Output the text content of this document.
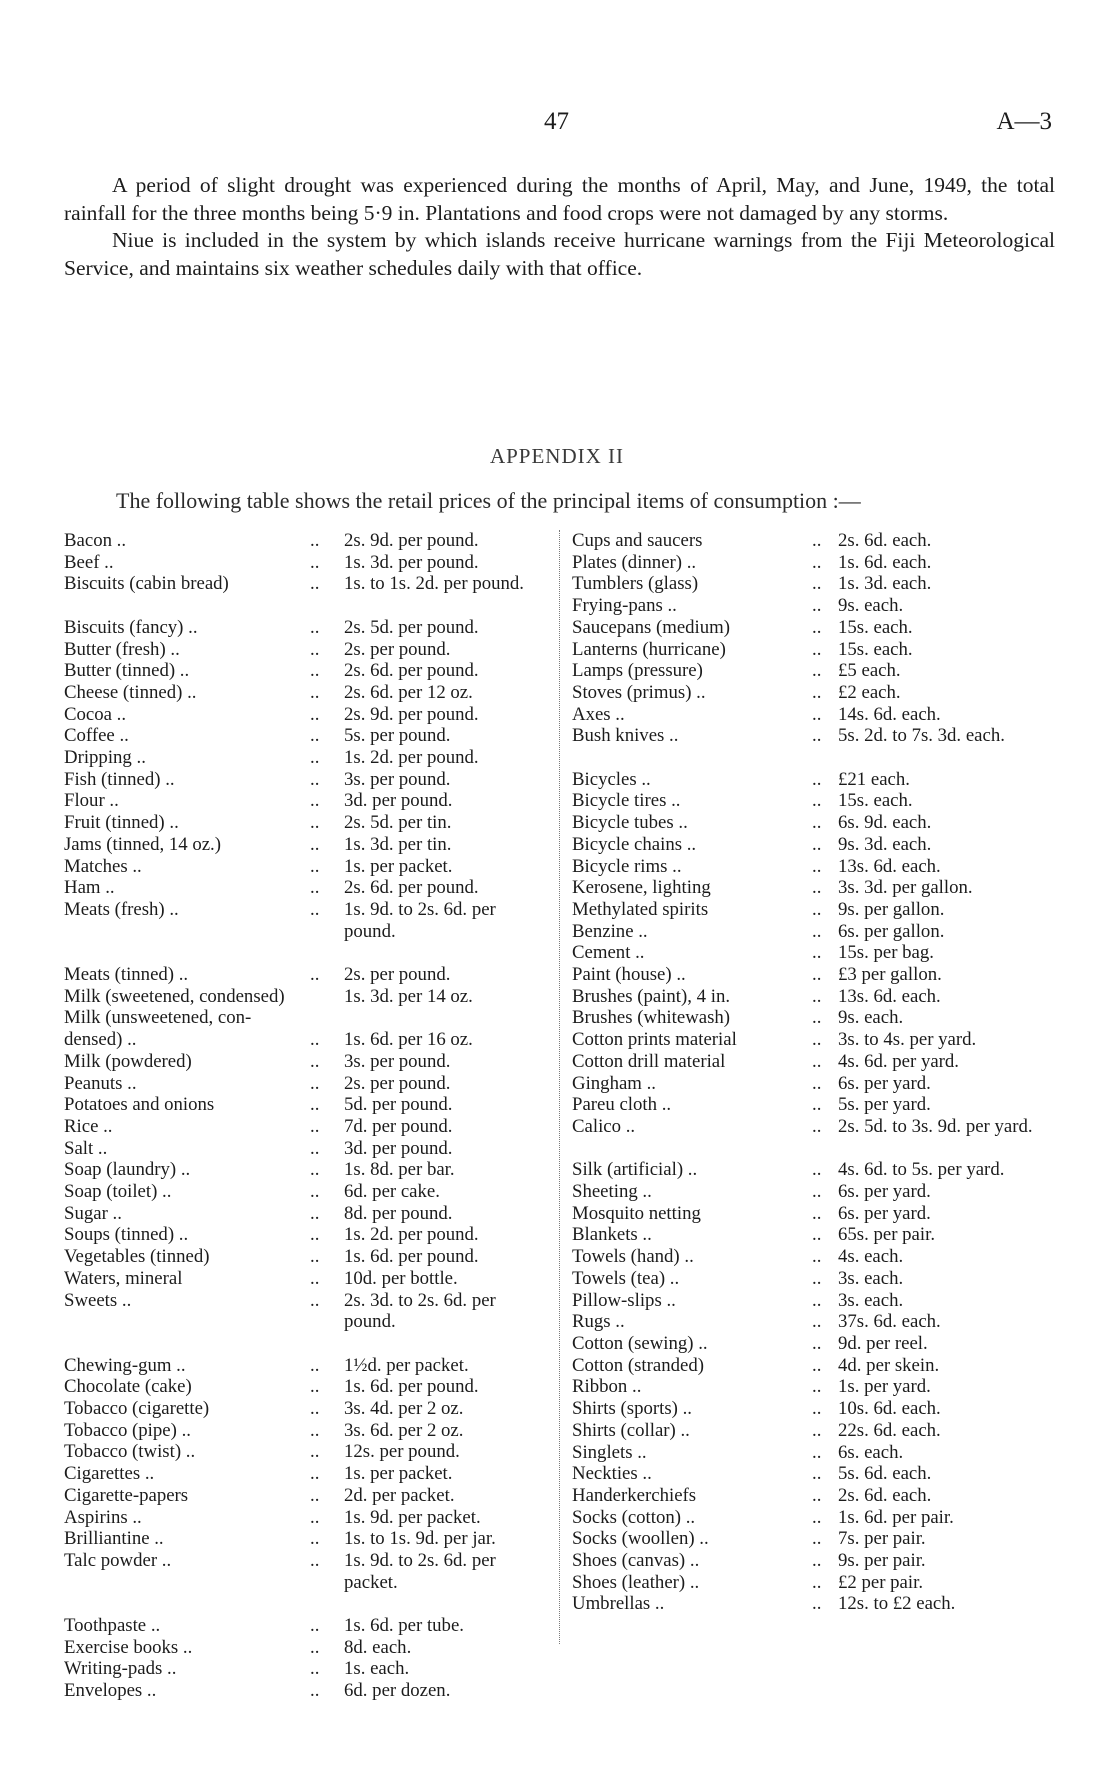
47	A—3

A period of slight drought was experienced during the months of April, May, and June, 1949, the total rainfall for the three months being 5·9 in. Plantations and food crops were not damaged by any storms.

Niue is included in the system by which islands receive hurricane warnings from the Fiji Meteorological Service, and maintains six weather schedules daily with that office.

APPENDIX II
The following table shows the retail prices of the principal items of consumption :—
Bacon ..	..	2s. 9d. per pound.
Beef ..	..	1s. 3d. per pound.
Biscuits (cabin bread)	..	1s. to 1s. 2d. per pound.
Biscuits (fancy) ..	..	2s. 5d. per pound.
Butter (fresh) ..	..	2s. per pound.
Butter (tinned) ..	..	2s. 6d. per pound.
Cheese (tinned) ..	..	2s. 6d. per 12 oz.
Cocoa ..	..	2s. 9d. per pound.
Coffee ..	..	5s. per pound.
Dripping ..	..	1s. 2d. per pound.
Fish (tinned) ..	..	3s. per pound.
Flour ..	..	3d. per pound.
Fruit (tinned) ..	..	2s. 5d. per tin.
Jams (tinned, 14 oz.)	..	1s. 3d. per tin.
Matches ..	..	1s. per packet.
Ham ..	..	2s. 6d. per pound.
Meats (fresh) ..	..	1s. 9d. to 2s. 6d. per pound.
Meats (tinned) ..	..	2s. per pound.
Milk (sweetened, condensed)	1s. 3d. per 14 oz.
Milk (unsweetened, con-
densed) ..	..	1s. 6d. per 16 oz.
Milk (powdered)	..	3s. per pound.
Peanuts ..	..	2s. per pound.
Potatoes and onions	..	5d. per pound.
Rice ..	..	7d. per pound.
Salt ..	..	3d. per pound.
Soap (laundry) ..	..	1s. 8d. per bar.
Soap (toilet) ..	..	6d. per cake.
Sugar ..	..	8d. per pound.
Soups (tinned) ..	..	1s. 2d. per pound.
Vegetables (tinned)	..	1s. 6d. per pound.
Waters, mineral	..	10d. per bottle.
Sweets ..	..	2s. 3d. to 2s. 6d. per pound.
Chewing-gum ..	..	1½d. per packet.
Chocolate (cake)	..	1s. 6d. per pound.
Tobacco (cigarette)	..	3s. 4d. per 2 oz.
Tobacco (pipe) ..	..	3s. 6d. per 2 oz.
Tobacco (twist) ..	..	12s. per pound.
Cigarettes ..	..	1s. per packet.
Cigarette-papers	..	2d. per packet.
Aspirins ..	..	1s. 9d. per packet.
Brilliantine ..	..	1s. to 1s. 9d. per jar.
Talc powder ..	..	1s. 9d. to 2s. 6d. per packet.
Toothpaste ..	..	1s. 6d. per tube.
Exercise books ..	..	8d. each.
Writing-pads ..	..	1s. each.
Envelopes ..	..	6d. per dozen.
Cups and saucers	.. 2s. 6d. each.
Plates (dinner) ..	.. 1s. 6d. each.
Tumblers (glass)	.. 1s. 3d. each.
Frying-pans ..	.. 9s. each.
Saucepans (medium)	.. 15s. each.
Lanterns (hurricane)	.. 15s. each.
Lamps (pressure)	.. £5 each.
Stoves (primus) ..	.. £2 each.
Axes ..	.. 14s. 6d. each.
Bush knives ..	.. 5s. 2d. to 7s. 3d. each.
Bicycles ..	.. £21 each.
Bicycle tires ..	.. 15s. each.
Bicycle tubes ..	.. 6s. 9d. each.
Bicycle chains ..	.. 9s. 3d. each.
Bicycle rims ..	.. 13s. 6d. each.
Kerosene, lighting	.. 3s. 3d. per gallon.
Methylated spirits	.. 9s. per gallon.
Benzine ..	.. 6s. per gallon.
Cement ..	.. 15s. per bag.
Paint (house) ..	.. £3 per gallon.
Brushes (paint), 4 in.	.. 13s. 6d. each.
Brushes (whitewash)	.. 9s. each.
Cotton prints material	.. 3s. to 4s. per yard.
Cotton drill material	.. 4s. 6d. per yard.
Gingham ..	.. 6s. per yard.
Pareu cloth ..	.. 5s. per yard.
Calico ..	.. 2s. 5d. to 3s. 9d. per yard.
Silk (artificial) ..	.. 4s. 6d. to 5s. per yard.
Sheeting ..	.. 6s. per yard.
Mosquito netting	.. 6s. per yard.
Blankets ..	.. 65s. per pair.
Towels (hand) ..	.. 4s. each.
Towels (tea) ..	.. 3s. each.
Pillow-slips ..	.. 3s. each.
Rugs ..	.. 37s. 6d. each.
Cotton (sewing) ..	.. 9d. per reel.
Cotton (stranded)	.. 4d. per skein.
Ribbon ..	.. 1s. per yard.
Shirts (sports) ..	.. 10s. 6d. each.
Shirts (collar) ..	.. 22s. 6d. each.
Singlets ..	.. 6s. each.
Neckties ..	.. 5s. 6d. each.
Handerkerchiefs	.. 2s. 6d. each.
Socks (cotton) ..	.. 1s. 6d. per pair.
Socks (woollen) ..	.. 7s. per pair.
Shoes (canvas) ..	.. 9s. per pair.
Shoes (leather) ..	.. £2 per pair.
Umbrellas ..	.. 12s. to £2 each.
